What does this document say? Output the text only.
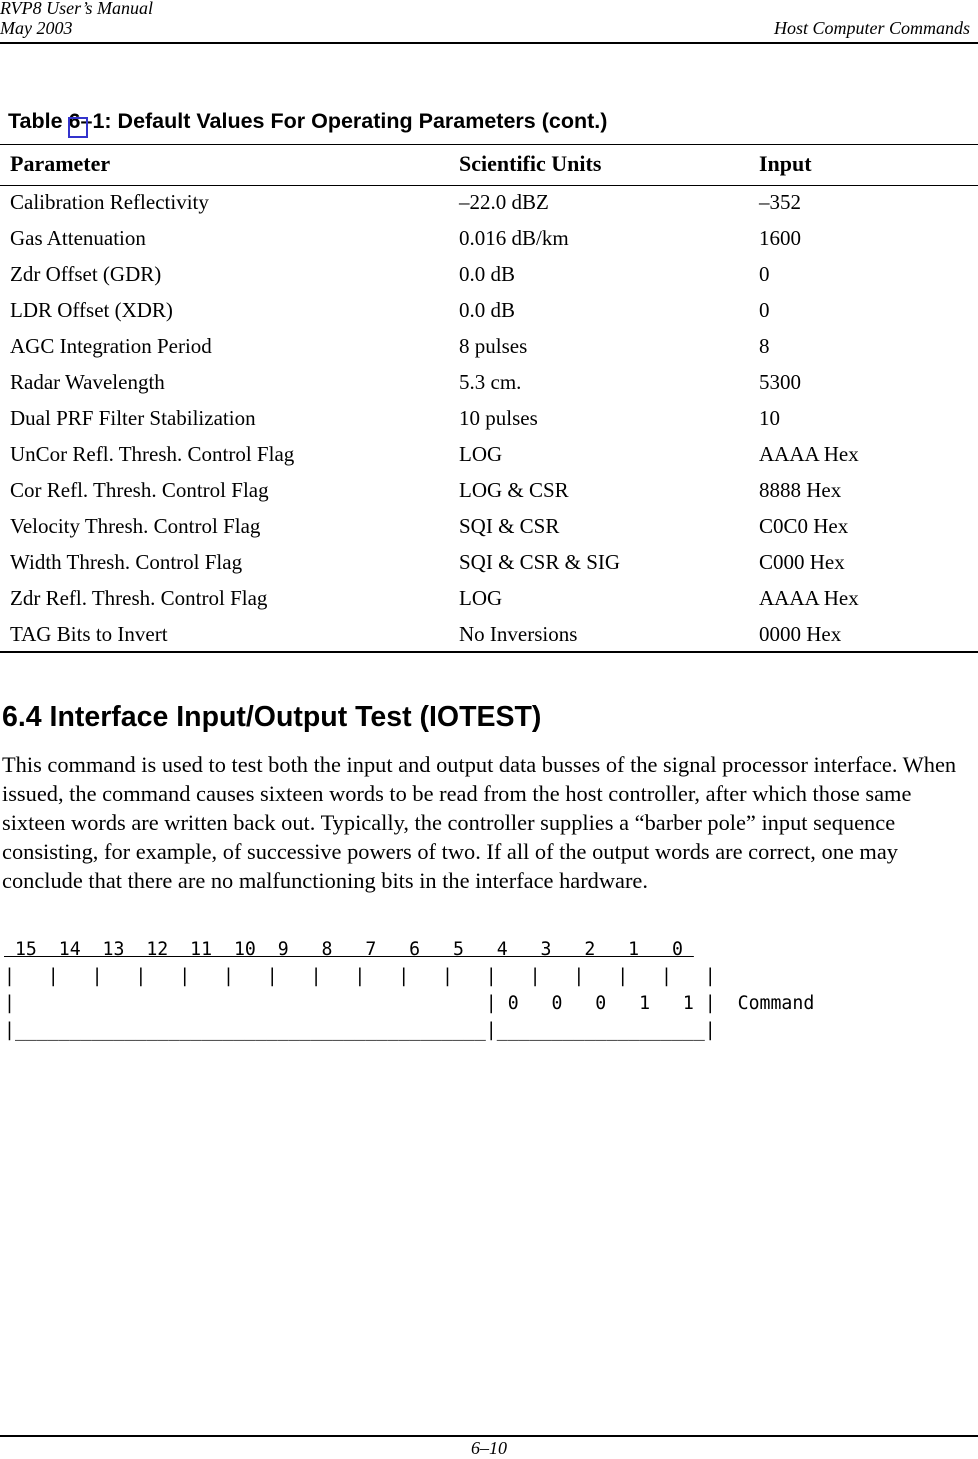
RVP8 User’s Manual
May 2003	Host Computer Commands
Table 6–1: Default Values For Operating Parameters (cont.)
Parameter	Scientific Units	Input
Calibration Reflectivity	–22.0 dBZ	–352
Gas Attenuation	0.016 dB/km	1600
Zdr Offset (GDR)	0.0 dB	0
LDR Offset (XDR)	0.0 dB	0
AGC Integration Period	8 pulses	8
Radar Wavelength	5.3 cm.	5300
Dual PRF Filter Stabilization	10 pulses	10
UnCor Refl. Thresh. Control Flag	LOG	AAAA Hex
Cor Refl. Thresh. Control Flag	LOG & CSR	8888 Hex
Velocity Thresh. Control Flag	SQI & CSR	C0C0 Hex
Width Thresh. Control Flag	SQI & CSR & SIG	C000 Hex
Zdr Refl. Thresh. Control Flag	LOG	AAAA Hex
TAG Bits to Invert	No Inversions	0000 Hex
6.4 Interface Input/Output Test (IOTEST)

This command is used to test both the input and output data busses of the signal processor interface. When issued, the command causes sixteen words to be read from the host controller, after which those same sixteen words are written back out. Typically, the controller supplies a “barber pole” input sequence consisting, for example, of successive powers of two. If all of the output words are correct, one may conclude that there are no malfunctioning bits in the interface hardware.

15  14  13  12  11  10  9   8   7   6   5   4   3   2   1   0
|   |   |   |   |   |   |   |   |   |   |   |   |   |   |   |   |
|                                           | 0   0   0   1   1 |  Command
|___________________________________________|___________________|
6–10
